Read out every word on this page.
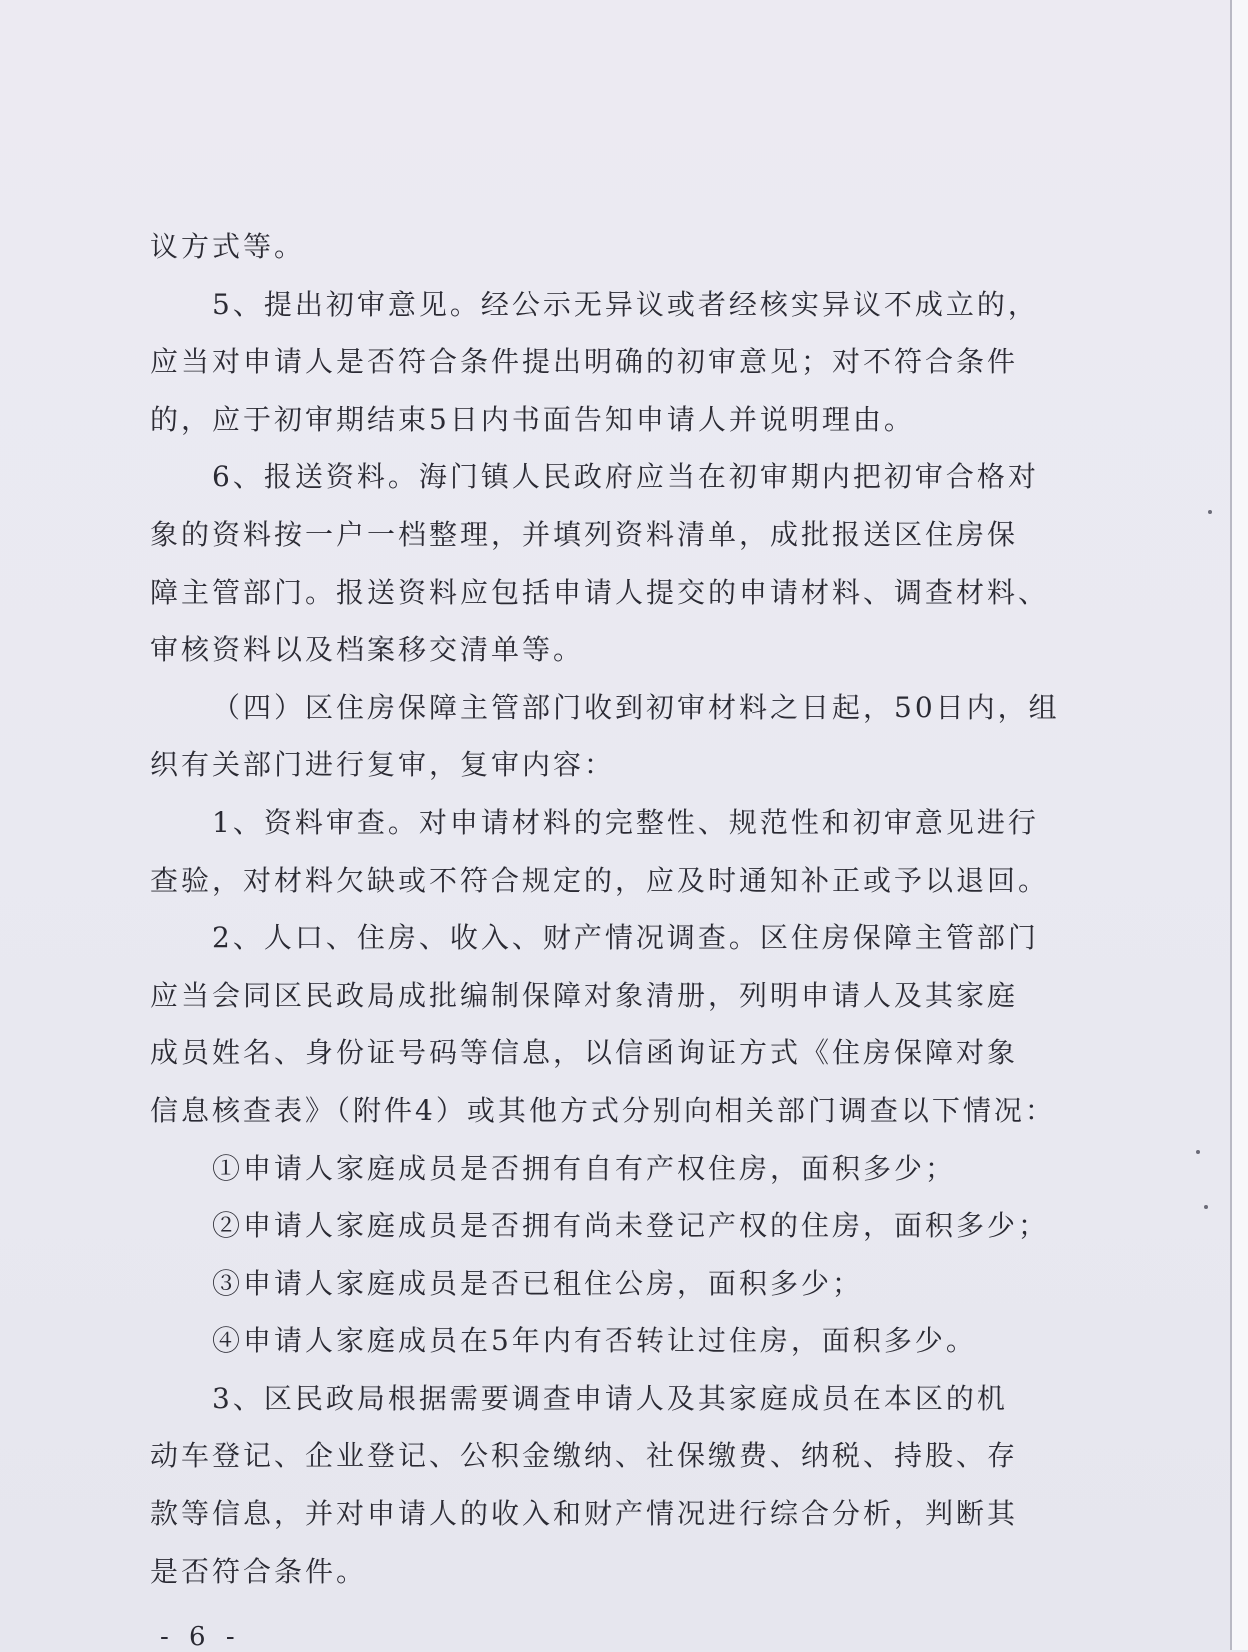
议方式等。
5、提出初审意见。经公示无异议或者经核实异议不成立的，
应当对申请人是否符合条件提出明确的初审意见；对不符合条件
的，应于初审期结束5日内书面告知申请人并说明理由。
6、报送资料。海门镇人民政府应当在初审期内把初审合格对
象的资料按一户一档整理，并填列资料清单，成批报送区住房保
障主管部门。报送资料应包括申请人提交的申请材料、调查材料、
审核资料以及档案移交清单等。
（四）区住房保障主管部门收到初审材料之日起，50日内，组
织有关部门进行复审，复审内容：
1、资料审查。对申请材料的完整性、规范性和初审意见进行
查验，对材料欠缺或不符合规定的，应及时通知补正或予以退回。
2、人口、住房、收入、财产情况调查。区住房保障主管部门
应当会同区民政局成批编制保障对象清册，列明申请人及其家庭
成员姓名、身份证号码等信息，以信函询证方式《住房保障对象
信息核查表》（附件4）或其他方式分别向相关部门调查以下情况：
①申请人家庭成员是否拥有自有产权住房，面积多少；
②申请人家庭成员是否拥有尚未登记产权的住房，面积多少；
③申请人家庭成员是否已租住公房，面积多少；
④申请人家庭成员在5年内有否转让过住房，面积多少。
3、区民政局根据需要调查申请人及其家庭成员在本区的机
动车登记、企业登记、公积金缴纳、社保缴费、纳税、持股、存
款等信息，并对申请人的收入和财产情况进行综合分析，判断其
是否符合条件。
- 6 -
